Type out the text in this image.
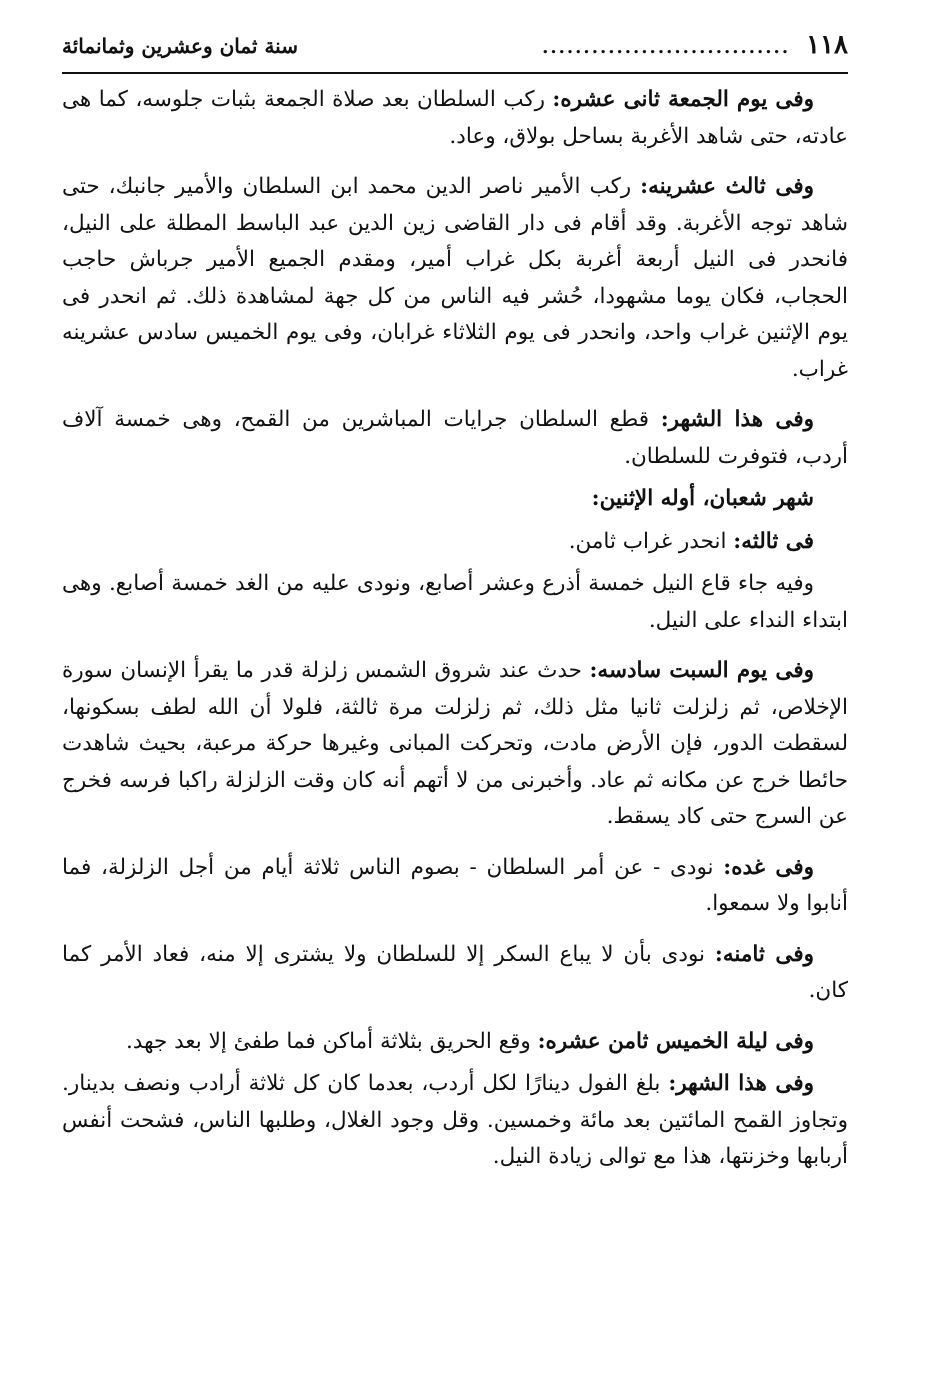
١١٨
..............................
سنة ثمان وعشرين وثمانمائة

وفى يوم الجمعة ثانى عشره: ركب السلطان بعد صلاة الجمعة بثبات جلوسه، كما هى عادته، حتى شاهد الأغربة بساحل بولاق، وعاد.

وفى ثالث عشرينه: ركب الأمير ناصر الدين محمد ابن السلطان والأمير جانبك، حتى شاهد توجه الأغربة. وقد أقام فى دار القاضى زين الدين عبد الباسط المطلة على النيل، فانحدر فى النيل أربعة أغربة بكل غراب أمير، ومقدم الجميع الأمير جرباش حاجب الحجاب، فكان يوما مشهودا، حُشر فيه الناس من كل جهة لمشاهدة ذلك. ثم انحدر فى يوم الإثنين غراب واحد، وانحدر فى يوم الثلاثاء غرابان، وفى يوم الخميس سادس عشرينه غراب.

وفى هذا الشهر: قطع السلطان جرايات المباشرين من القمح، وهى خمسة آلاف أردب، فتوفرت للسلطان.

شهر شعبان، أوله الإثنين:

فى ثالثه: انحدر غراب ثامن.

وفيه جاء قاع النيل خمسة أذرع وعشر أصابع، ونودى عليه من الغد خمسة أصابع. وهى ابتداء النداء على النيل.

وفى يوم السبت سادسه: حدث عند شروق الشمس زلزلة قدر ما يقرأ الإنسان سورة الإخلاص، ثم زلزلت ثانيا مثل ذلك، ثم زلزلت مرة ثالثة، فلولا أن الله لطف بسكونها، لسقطت الدور، فإن الأرض مادت، وتحركت المبانى وغيرها حركة مرعبة، بحيث شاهدت حائطا خرج عن مكانه ثم عاد. وأخبرنى من لا أتهم أنه كان وقت الزلزلة راكبا فرسه فخرج عن السرج حتى كاد يسقط.

وفى غده: نودى - عن أمر السلطان - بصوم الناس ثلاثة أيام من أجل الزلزلة، فما أنابوا ولا سمعوا.

وفى ثامنه: نودى بأن لا يباع السكر إلا للسلطان ولا يشترى إلا منه، فعاد الأمر كما كان.

وفى ليلة الخميس ثامن عشره: وقع الحريق بثلاثة أماكن فما طفئ إلا بعد جهد.

وفى هذا الشهر: بلغ الفول دينارًا لكل أردب، بعدما كان كل ثلاثة أرادب ونصف بدينار. وتجاوز القمح المائتين بعد مائة وخمسين. وقل وجود الغلال، وطلبها الناس، فشحت أنفس أربابها وخزنتها، هذا مع توالى زيادة النيل.
